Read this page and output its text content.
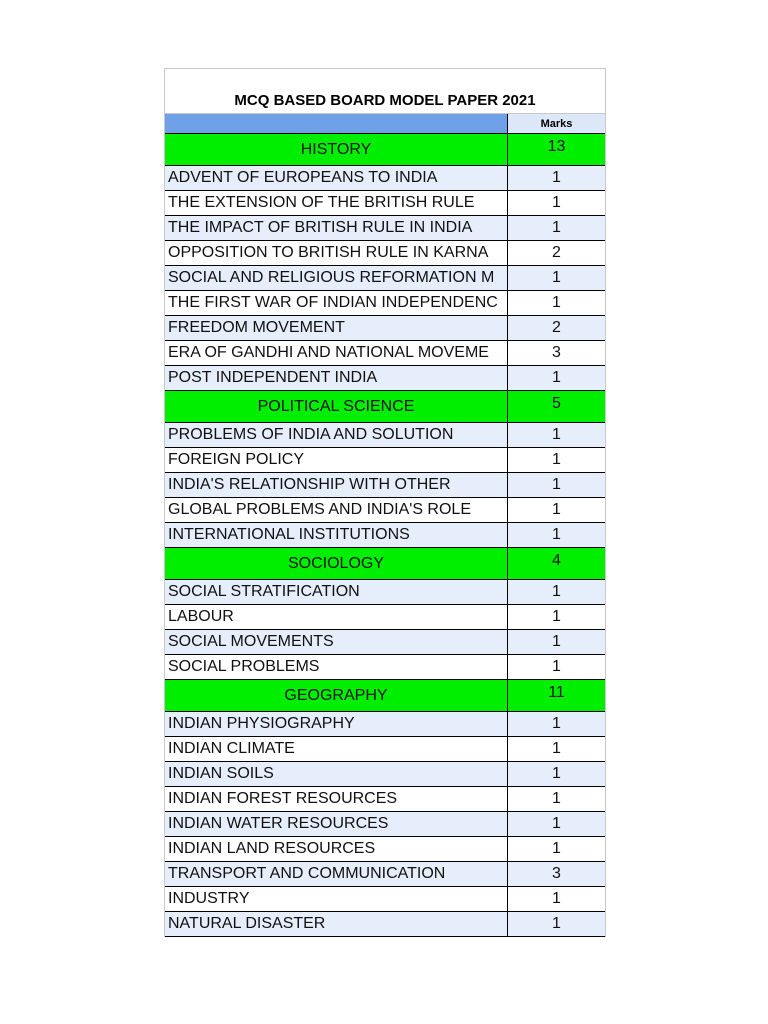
MCQ BASED BOARD MODEL PAPER 2021
Marks
HISTORY	13
ADVENT OF EUROPEANS TO INDIA	1
THE EXTENSION OF THE BRITISH RULE	1
THE IMPACT OF BRITISH RULE IN INDIA	1
OPPOSITION TO BRITISH RULE IN KARNA	2
SOCIAL AND RELIGIOUS REFORMATION M	1
THE FIRST WAR OF INDIAN INDEPENDENC	1
FREEDOM MOVEMENT	2
ERA OF GANDHI AND NATIONAL MOVEME	3
POST INDEPENDENT INDIA	1
POLITICAL SCIENCE	5
PROBLEMS OF INDIA AND SOLUTION	1
FOREIGN POLICY	1
INDIA'S RELATIONSHIP WITH OTHER	1
GLOBAL PROBLEMS AND INDIA'S ROLE	1
INTERNATIONAL INSTITUTIONS	1
SOCIOLOGY	4
SOCIAL STRATIFICATION	1
LABOUR	1
SOCIAL MOVEMENTS	1
SOCIAL PROBLEMS	1
GEOGRAPHY	11
INDIAN PHYSIOGRAPHY	1
INDIAN CLIMATE	1
INDIAN SOILS	1
INDIAN FOREST RESOURCES	1
INDIAN WATER RESOURCES	1
INDIAN LAND RESOURCES	1
TRANSPORT AND COMMUNICATION	3
INDUSTRY	1
NATURAL DISASTER	1
